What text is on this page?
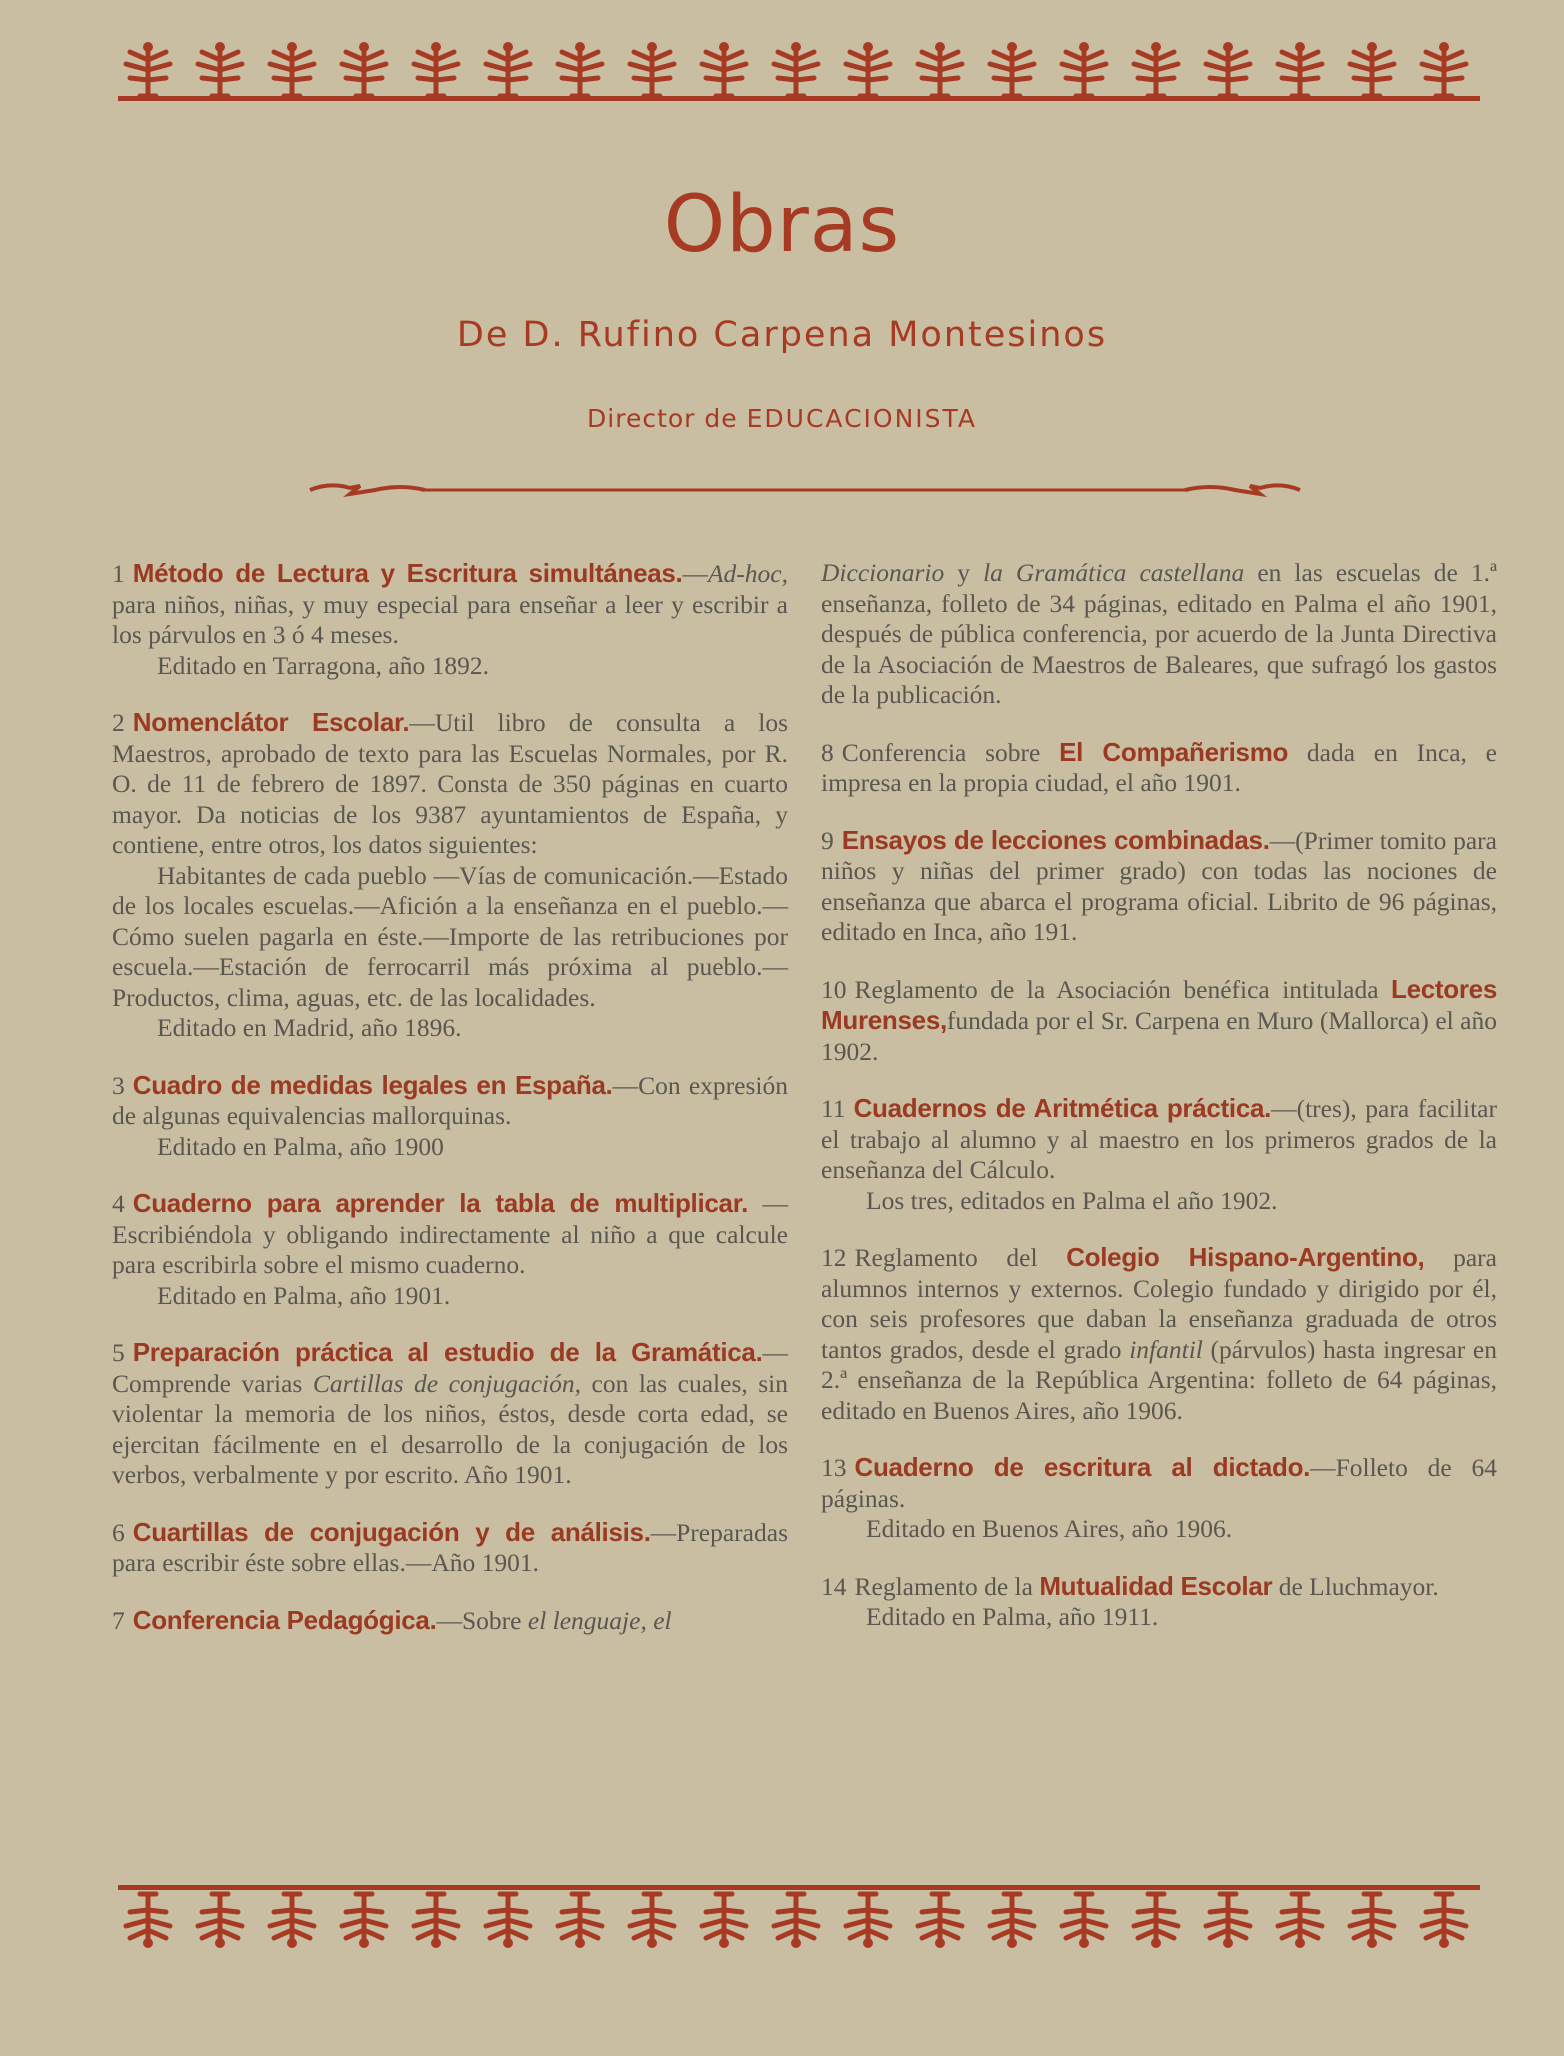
Obras
De D. Rufino Carpena Montesinos
Director de EDUCACIONISTA
1 Método de Lectura y Escritura simultáneas.—Ad-hoc, para niños, niñas, y muy especial para enseñar a leer y escribir a los párvulos en 3 ó 4 meses.
Editado en Tarragona, año 1892.
2 Nomenclátor Escolar.—Util libro de consulta a los Maestros, aprobado de texto para las Escuelas Normales, por R. O. de 11 de febrero de 1897. Consta de 350 páginas en cuarto mayor. Da noticias de los 9387 ayuntamientos de España, y contiene, entre otros, los datos siguientes:
Habitantes de cada pueblo —Vías de comunicación.—Estado de los locales escuelas.—Afición a la enseñanza en el pueblo.—Cómo suelen pagarla en éste.—Importe de las retribuciones por escuela.—Estación de ferrocarril más próxima al pueblo.—Productos, clima, aguas, etc. de las localidades.
Editado en Madrid, año 1896.
3 Cuadro de medidas legales en España.—Con expresión de algunas equivalencias mallorquinas.
Editado en Palma, año 1900
4 Cuaderno para aprender la tabla de multiplicar. —Escribiéndola y obligando indirectamente al niño a que calcule para escribirla sobre el mismo cuaderno.
Editado en Palma, año 1901.
5 Preparación práctica al estudio de la Gramática.—Comprende varias Cartillas de conjugación, con las cuales, sin violentar la memoria de los niños, éstos, desde corta edad, se ejercitan fácilmente en el desarrollo de la conjugación de los verbos, verbalmente y por escrito. Año 1901.
6 Cuartillas de conjugación y de análisis.—Preparadas para escribir éste sobre ellas.—Año 1901.
7 Conferencia Pedagógica.—Sobre el lenguaje, el
Diccionario y la Gramática castellana en las escuelas de 1.ª enseñanza, folleto de 34 páginas, editado en Palma el año 1901, después de pública conferencia, por acuerdo de la Junta Directiva de la Asociación de Maestros de Baleares, que sufragó los gastos de la publicación.
8 Conferencia sobre El Compañerismo dada en Inca, e impresa en la propia ciudad, el año 1901.
9 Ensayos de lecciones combinadas.—(Primer tomito para niños y niñas del primer grado) con todas las nociones de enseñanza que abarca el programa oficial. Librito de 96 páginas, editado en Inca, año 191.
10 Reglamento de la Asociación benéfica intitulada Lectores Murenses,fundada por el Sr. Carpena en Muro (Mallorca) el año 1902.
11 Cuadernos de Aritmética práctica.—(tres), para facilitar el trabajo al alumno y al maestro en los primeros grados de la enseñanza del Cálculo.
Los tres, editados en Palma el año 1902.
12 Reglamento del Colegio Hispano-Argentino, para alumnos internos y externos. Colegio fundado y dirigido por él, con seis profesores que daban la enseñanza graduada de otros tantos grados, desde el grado infantil (párvulos) hasta ingresar en 2.ª enseñanza de la República Argentina: folleto de 64 páginas, editado en Buenos Aires, año 1906.
13 Cuaderno de escritura al dictado.—Folleto de 64 páginas.
Editado en Buenos Aires, año 1906.
14 Reglamento de la Mutualidad Escolar de Lluchmayor.
Editado en Palma, año 1911.
